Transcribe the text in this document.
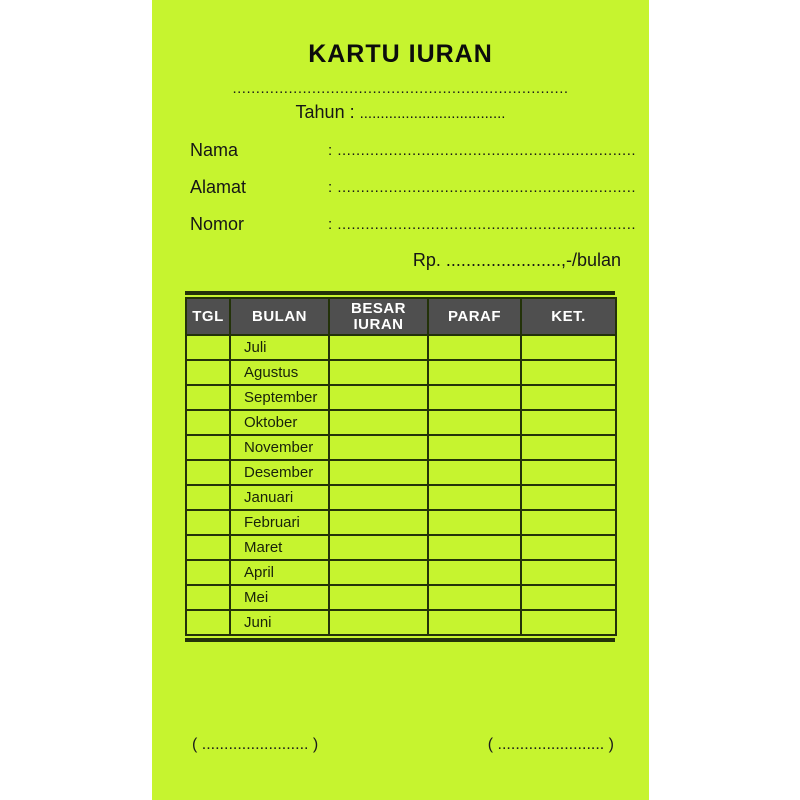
KARTU IURAN
........................................................................
Tahun : ...................................
Nama	: ................................................................
Alamat	: ................................................................
Nomor	: ................................................................
Rp. .......................,-/bulan
TGL	BULAN	BESAR IURAN	PARAF	KET.
	Juli			
	Agustus			
	September			
	Oktober			
	November			
	Desember			
	Januari			
	Februari			
	Maret			
	April			
	Mei			
	Juni			
( ........................ )	( ........................ )
